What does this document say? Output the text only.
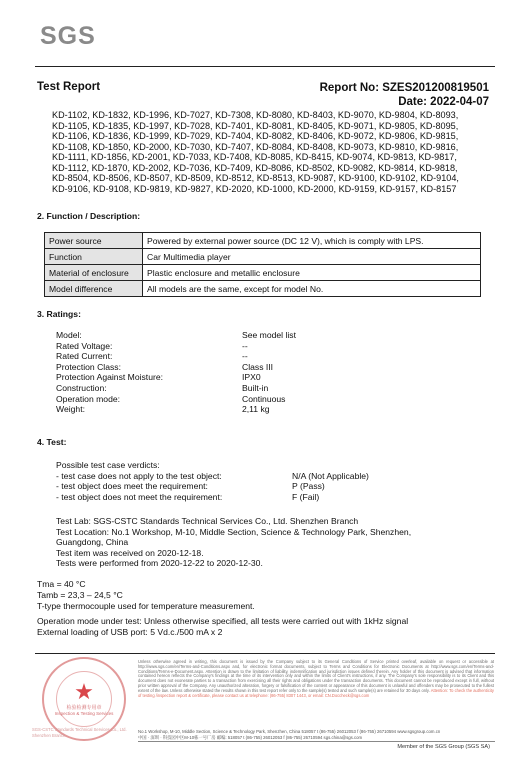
SGS
Test Report	Report No: SZES201200819501
Date: 2022-04-07
KD-1102, KD-1832, KD-1996, KD-7027, KD-7308, KD-8080, KD-8403, KD-9070, KD-9804, KD-8093,
KD-1105, KD-1835, KD-1997, KD-7028, KD-7401, KD-8081, KD-8405, KD-9071, KD-9805, KD-8095,
KD-1106, KD-1836, KD-1999, KD-7029, KD-7404, KD-8082, KD-8406, KD-9072, KD-9806, KD-9815,
KD-1108, KD-1850, KD-2000, KD-7030, KD-7407, KD-8084, KD-8408, KD-9073, KD-9810, KD-9816,
KD-1111, KD-1856, KD-2001, KD-7033, KD-7408, KD-8085, KD-8415, KD-9074, KD-9813, KD-9817,
KD-1112, KD-1870, KD-2002, KD-7036, KD-7409, KD-8086, KD-8502, KD-9082, KD-9814, KD-9818,
KD-8504, KD-8506, KD-8507, KD-8509, KD-8512, KD-8513, KD-9087, KD-9100, KD-9102, KD-9104,
KD-9106, KD-9108, KD-9819, KD-9827, KD-2020, KD-1000, KD-2000, KD-9159, KD-9157, KD-8157
2. Function / Description:
Power source	Powered by external power source (DC 12 V), which is comply with LPS.
Function	Car Multimedia player
Material of enclosure	Plastic enclosure and metallic enclosure
Model difference	All models are the same, except for model No.
3. Ratings:
Model:	See model list
Rated Voltage:	--
Rated Current:	--
Protection Class:	Class III
Protection Against Moisture:	IPX0
Construction:	Built-in
Operation mode:	Continuous
Weight:	2,11 kg
4. Test:
Possible test case verdicts:
- test case does not apply to the test object:	N/A (Not Applicable)
- test object does meet the requirement:	P (Pass)
- test object does not meet the requirement:	F (Fail)
Test Lab: SGS-CSTC Standards Technical Services Co., Ltd. Shenzhen Branch
Test Location: No.1 Workshop, M-10, Middle Section, Science & Technology Park, Shenzhen, Guangdong, China
Test item was received on 2020-12-18.
Tests were performed from 2020-12-22 to 2020-12-30.
Tma = 40 °C
Tamb = 23,3 – 24,5 °C
T-type thermocouple used for temperature measurement.
Operation mode under test: Unless otherwise specified, all tests were carried out with 1kHz signal
External loading of USB port: 5 Vd.c./500 mA x 2
★
检验检测专用章
Inspection & Testing Services
SGS-CSTC Standards Technical Services Co., Ltd.
Shenzhen Branch
Unless otherwise agreed in writing, this document is issued by the Company subject to its General Conditions of Service printed overleaf, available on request or accessible at http://www.sgs.com/en/Terms-and-Conditions.aspx and, for electronic format documents, subject to Terms and Conditions for Electronic Documents at http://www.sgs.com/en/Terms-and-Conditions/Terms-e-Document.aspx. Attention is drawn to the limitation of liability, indemnification and jurisdiction issues defined therein. Any holder of this document is advised that information contained hereon reflects the Company's findings at the time of its intervention only and within the limits of Client's instructions, if any. The Company's sole responsibility is to its Client and this document does not exonerate parties to a transaction from exercising all their rights and obligations under the transaction documents. This document cannot be reproduced except in full, without prior written approval of the Company. Any unauthorized alteration, forgery or falsification of the content or appearance of this document is unlawful and offenders may be prosecuted to the fullest extent of the law. Unless otherwise stated the results shown in this test report refer only to the sample(s) tested and such sample(s) are retained for 30 days only. Attention: To check the authenticity of testing /inspection report & certificate, please contact us at telephone: (86-755) 8307 1443, or email: CN.Doccheck@sgs.com
No.1 Workshop, M-10, Middle Section, Science & Technology Park, Shenzhen, China 518057 t (86-755) 26012053 f (86-755) 26710594 www.sgsgroup.com.cn
中国 · 深圳 · 科技园中区M-10栋一号厂房 邮编: 518057 t (86-755) 26012053 f (86-755) 26710594 sgs.china@sgs.com
Member of the SGS Group (SGS SA)
